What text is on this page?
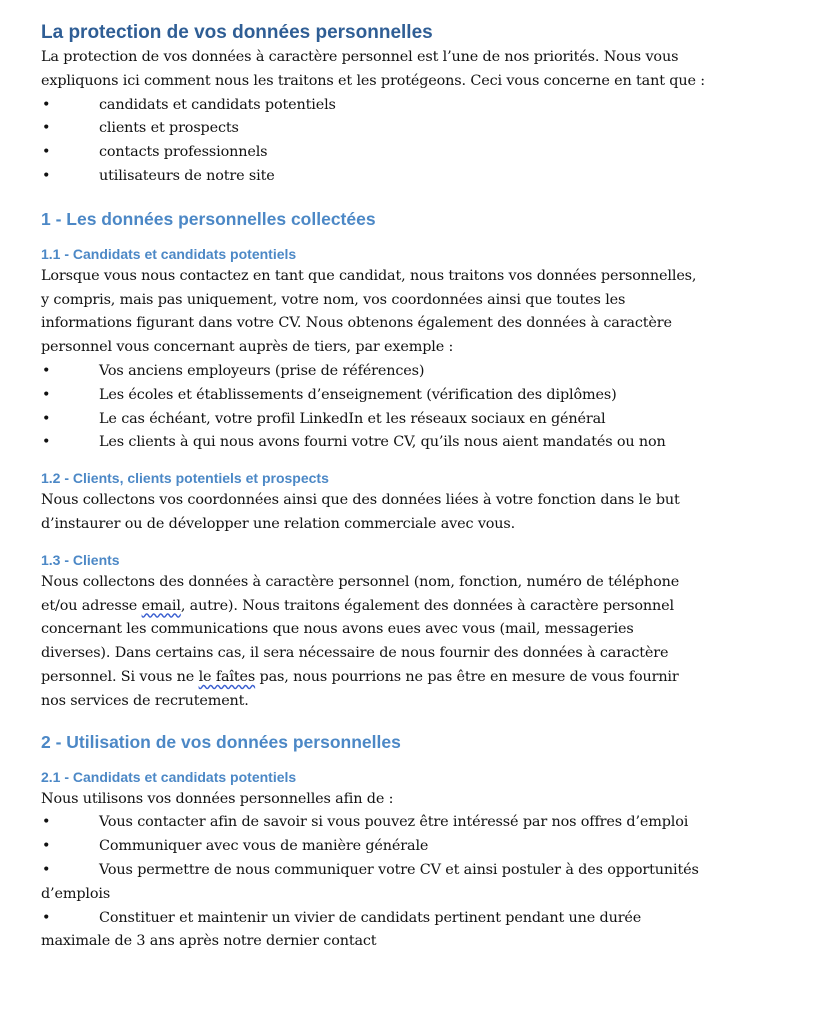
La protection de vos données personnelles

La protection de vos données à caractère personnel est l’une de nos priorités. Nous vous

expliquons ici comment nous les traitons et les protégeons. Ceci vous concerne en tant que :

•	candidats et candidats potentiels
•	clients et prospects
•	contacts professionnels
•	utilisateurs de notre site
1 - Les données personnelles collectées
1.1 - Candidats et candidats potentiels

Lorsque vous nous contactez en tant que candidat, nous traitons vos données personnelles,

y compris, mais pas uniquement, votre nom, vos coordonnées ainsi que toutes les

informations figurant dans votre CV. Nous obtenons également des données à caractère

personnel vous concernant auprès de tiers, par exemple :

•	Vos anciens employeurs (prise de références)
•	Les écoles et établissements d’enseignement (vérification des diplômes)
•	Le cas échéant, votre profil LinkedIn et les réseaux sociaux en général
•	Les clients à qui nous avons fourni votre CV, qu’ils nous aient mandatés ou non
1.2 - Clients, clients potentiels et prospects

Nous collectons vos coordonnées ainsi que des données liées à votre fonction dans le but

d’instaurer ou de développer une relation commerciale avec vous.

1.3 - Clients

Nous collectons des données à caractère personnel (nom, fonction, numéro de téléphone

et/ou adresse email, autre). Nous traitons également des données à caractère personnel

concernant les communications que nous avons eues avec vous (mail, messageries

diverses). Dans certains cas, il sera nécessaire de nous fournir des données à caractère

personnel. Si vous ne le faîtes pas, nous pourrions ne pas être en mesure de vous fournir

nos services de recrutement.

2 - Utilisation de vos données personnelles
2.1 - Candidats et candidats potentiels

Nous utilisons vos données personnelles afin de :

•	Vous contacter afin de savoir si vous pouvez être intéressé par nos offres d’emploi
•	Communiquer avec vous de manière générale
•	Vous permettre de nous communiquer votre CV et ainsi postuler à des opportunités

d’emplois

•	Constituer et maintenir un vivier de candidats pertinent pendant une durée

maximale de 3 ans après notre dernier contact
